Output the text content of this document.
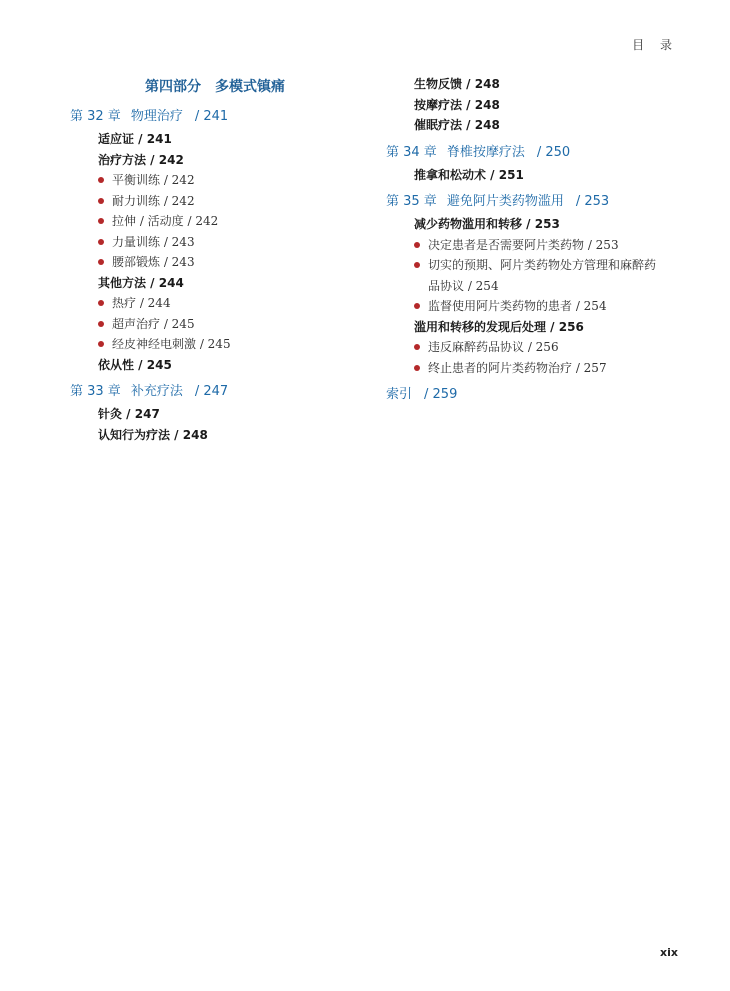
目 录
第四部分　多模式镇痛
第 32 章 物理治疗 / 241
适应证 / 241
治疗方法 / 242
平衡训练 / 242
耐力训练 / 242
拉伸 / 活动度 / 242
力量训练 / 243
腰部锻炼 / 243
其他方法 / 244
热疗 / 244
超声治疗 / 245
经皮神经电刺激 / 245
依从性 / 245
第 33 章 补充疗法 / 247
针灸 / 247
认知行为疗法 / 248
生物反馈 / 248
按摩疗法 / 248
催眠疗法 / 248
第 34 章 脊椎按摩疗法 / 250
推拿和松动术 / 251
第 35 章 避免阿片类药物滥用 / 253
减少药物滥用和转移 / 253
决定患者是否需要阿片类药物 / 253
切实的预期、阿片类药物处方管理和麻醉药
品协议 / 254
监督使用阿片类药物的患者 / 254
滥用和转移的发现后处理 / 256
违反麻醉药品协议 / 256
终止患者的阿片类药物治疗 / 257
索引 / 259
xix
